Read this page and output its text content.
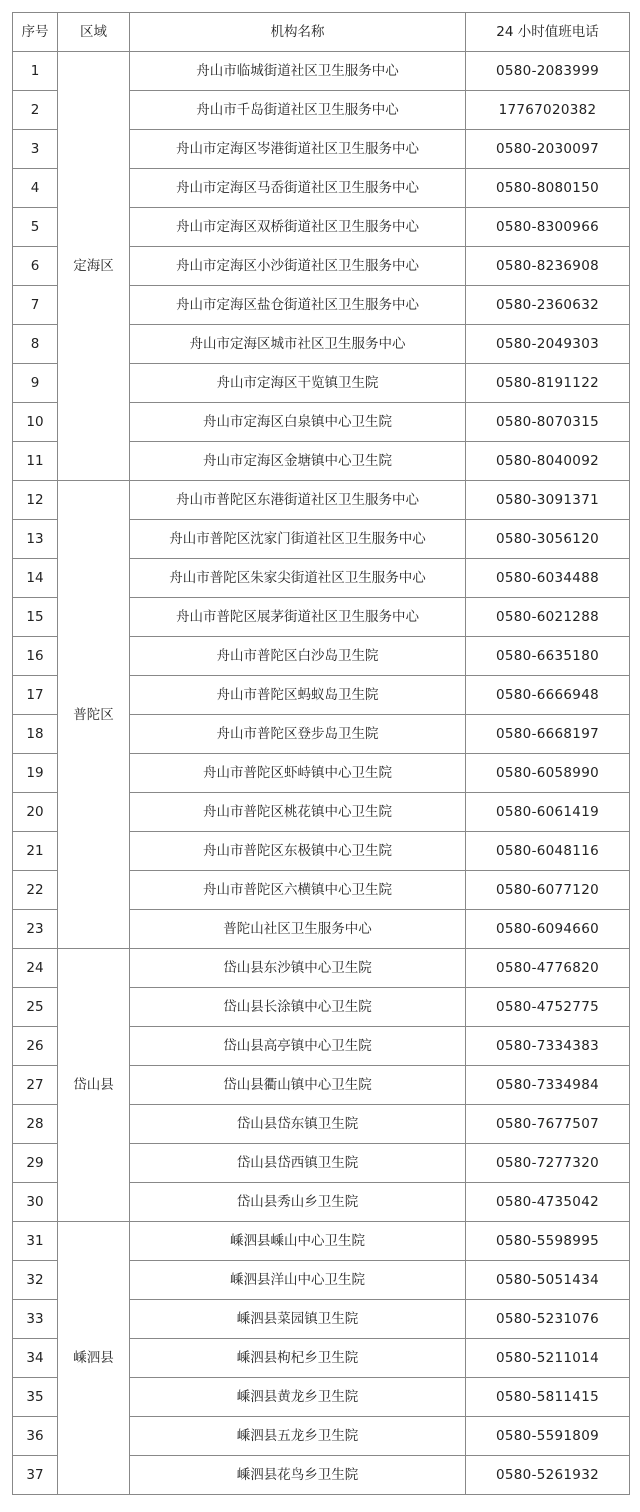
序号	区域	机构名称	24 小时值班电话
1	定海区	舟山市临城街道社区卫生服务中心	0580-2083999
2		舟山市千岛街道社区卫生服务中心	17767020382
3		舟山市定海区岑港街道社区卫生服务中心	0580-2030097
4		舟山市定海区马岙街道社区卫生服务中心	0580-8080150
5		舟山市定海区双桥街道社区卫生服务中心	0580-8300966
6		舟山市定海区小沙街道社区卫生服务中心	0580-8236908
7		舟山市定海区盐仓街道社区卫生服务中心	0580-2360632
8		舟山市定海区城市社区卫生服务中心	0580-2049303
9		舟山市定海区干览镇卫生院	0580-8191122
10		舟山市定海区白泉镇中心卫生院	0580-8070315
11		舟山市定海区金塘镇中心卫生院	0580-8040092
12	普陀区	舟山市普陀区东港街道社区卫生服务中心	0580-3091371
13		舟山市普陀区沈家门街道社区卫生服务中心	0580-3056120
14		舟山市普陀区朱家尖街道社区卫生服务中心	0580-6034488
15		舟山市普陀区展茅街道社区卫生服务中心	0580-6021288
16		舟山市普陀区白沙岛卫生院	0580-6635180
17		舟山市普陀区蚂蚁岛卫生院	0580-6666948
18		舟山市普陀区登步岛卫生院	0580-6668197
19		舟山市普陀区虾峙镇中心卫生院	0580-6058990
20		舟山市普陀区桃花镇中心卫生院	0580-6061419
21		舟山市普陀区东极镇中心卫生院	0580-6048116
22		舟山市普陀区六横镇中心卫生院	0580-6077120
23		普陀山社区卫生服务中心	0580-6094660
24	岱山县	岱山县东沙镇中心卫生院	0580-4776820
25		岱山县长涂镇中心卫生院	0580-4752775
26		岱山县高亭镇中心卫生院	0580-7334383
27		岱山县衢山镇中心卫生院	0580-7334984
28		岱山县岱东镇卫生院	0580-7677507
29		岱山县岱西镇卫生院	0580-7277320
30		岱山县秀山乡卫生院	0580-4735042
31	嵊泗县	嵊泗县嵊山中心卫生院	0580-5598995
32		嵊泗县洋山中心卫生院	0580-5051434
33		嵊泗县菜园镇卫生院	0580-5231076
34		嵊泗县枸杞乡卫生院	0580-5211014
35		嵊泗县黄龙乡卫生院	0580-5811415
36		嵊泗县五龙乡卫生院	0580-5591809
37		嵊泗县花鸟乡卫生院	0580-5261932
